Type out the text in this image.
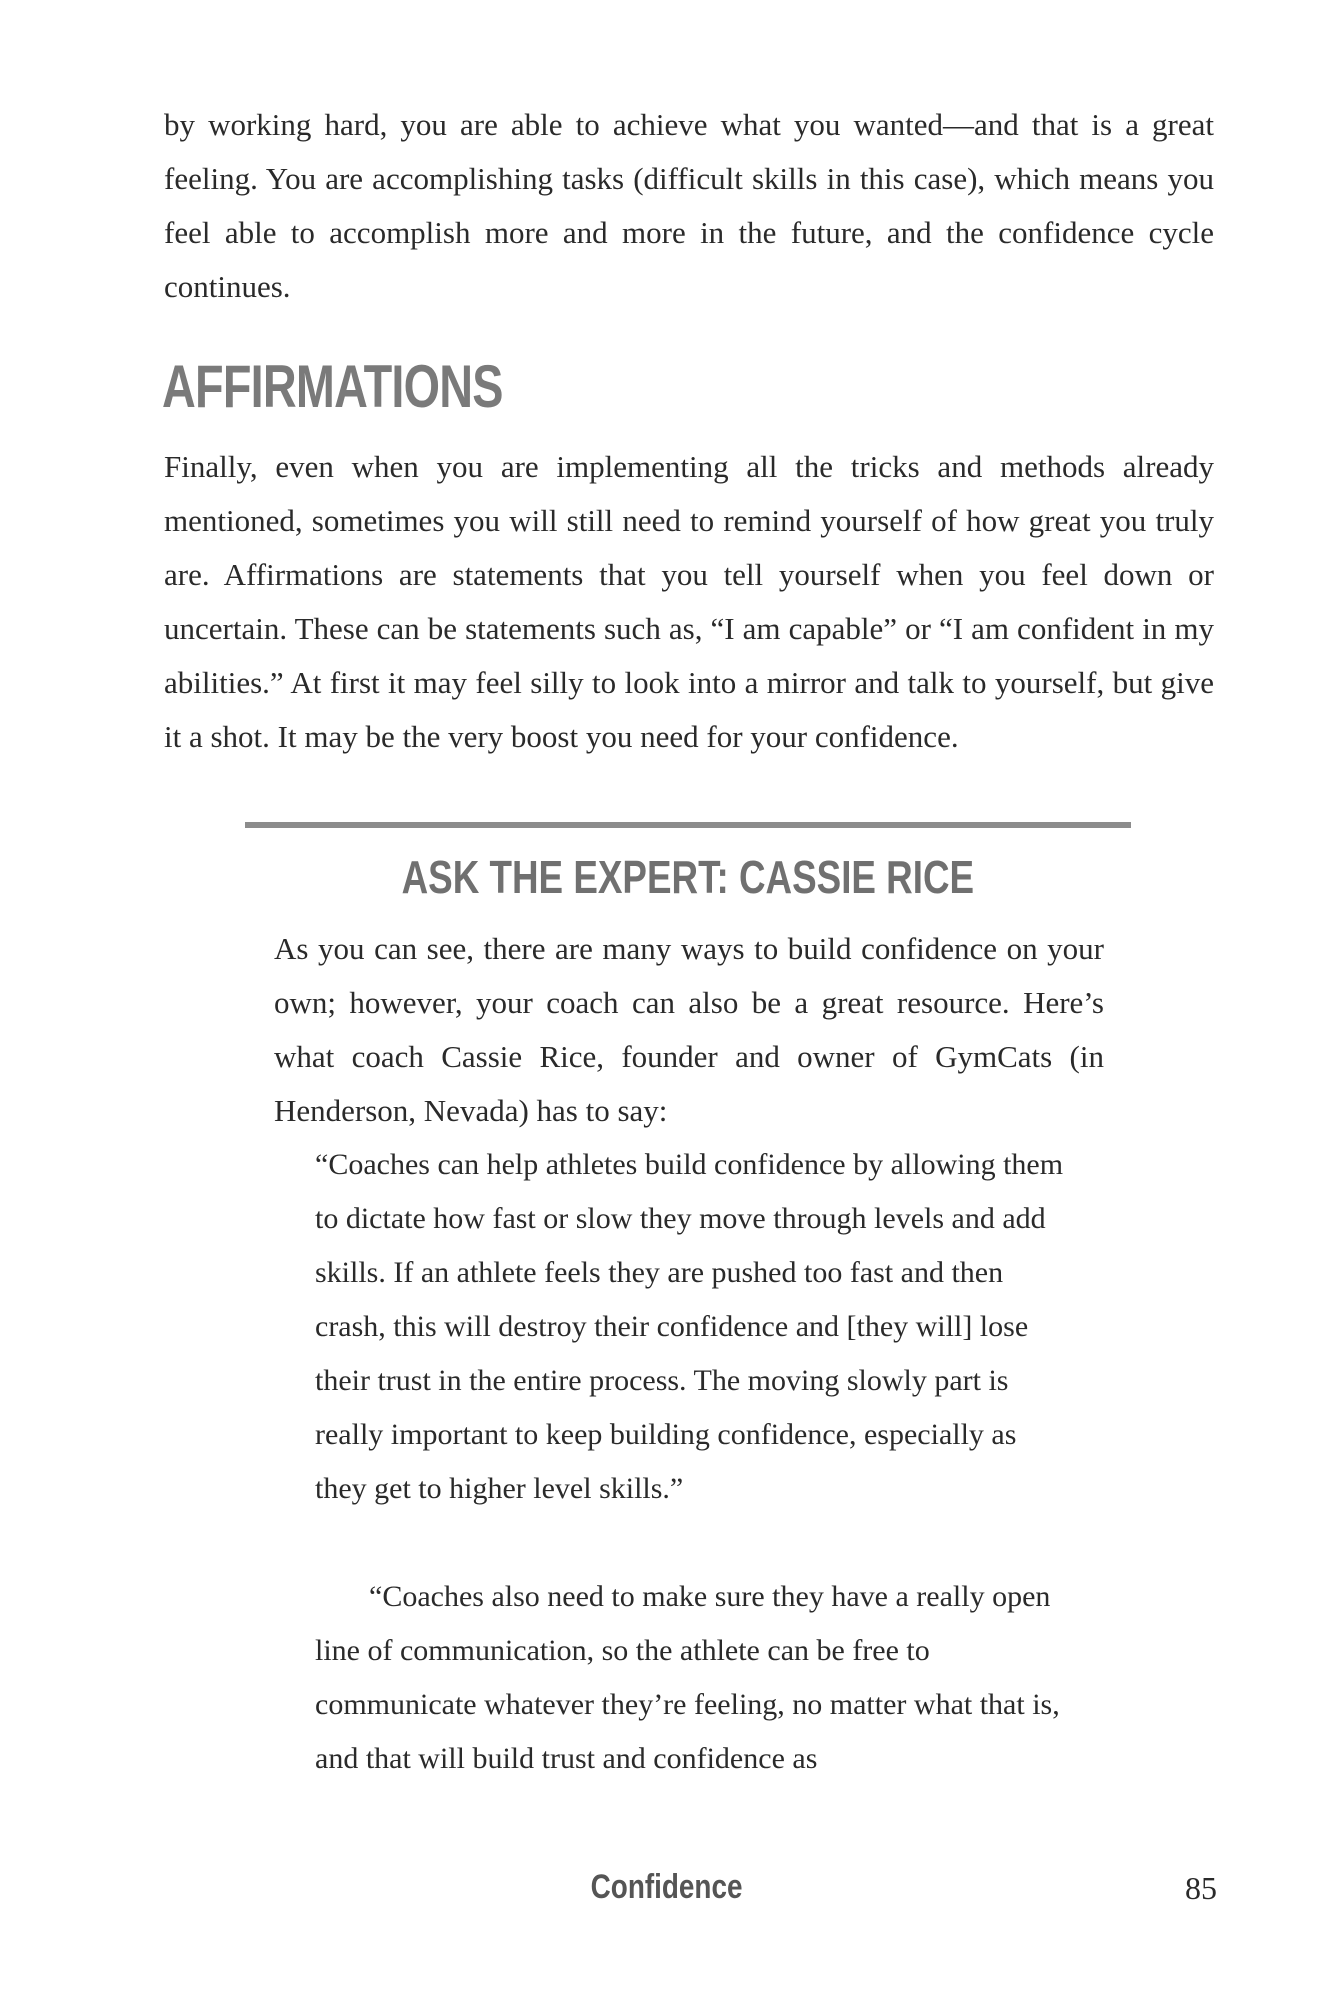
by working hard, you are able to achieve what you wanted—and that is a great feeling. You are accomplishing tasks (difficult skills in this case), which means you feel able to accomplish more and more in the future, and the confidence cycle continues.

AFFIRMATIONS

Finally, even when you are implementing all the tricks and methods already mentioned, sometimes you will still need to remind yourself of how great you truly are. Affirmations are statements that you tell yourself when you feel down or uncertain. These can be statements such as, “I am capable” or “I am confident in my abilities.” At first it may feel silly to look into a mirror and talk to yourself, but give it a shot. It may be the very boost you need for your confidence.

ASK THE EXPERT: CASSIE RICE

As you can see, there are many ways to build confidence on your own; however, your coach can also be a great resource. Here’s what coach Cassie Rice, founder and owner of GymCats (in Henderson, Nevada) has to say:

“Coaches can help athletes build confidence by allowing them to dictate how fast or slow they move through levels and add skills. If an athlete feels they are pushed too fast and then crash, this will destroy their confidence and [they will] lose their trust in the entire process. The moving slowly part is really important to keep building confidence, especially as they get to higher level skills.”

“Coaches also need to make sure they have a really open line of communication, so the athlete can be free to communicate whatever they’re feeling, no matter what that is, and that will build trust and confidence as

Confidence	85
